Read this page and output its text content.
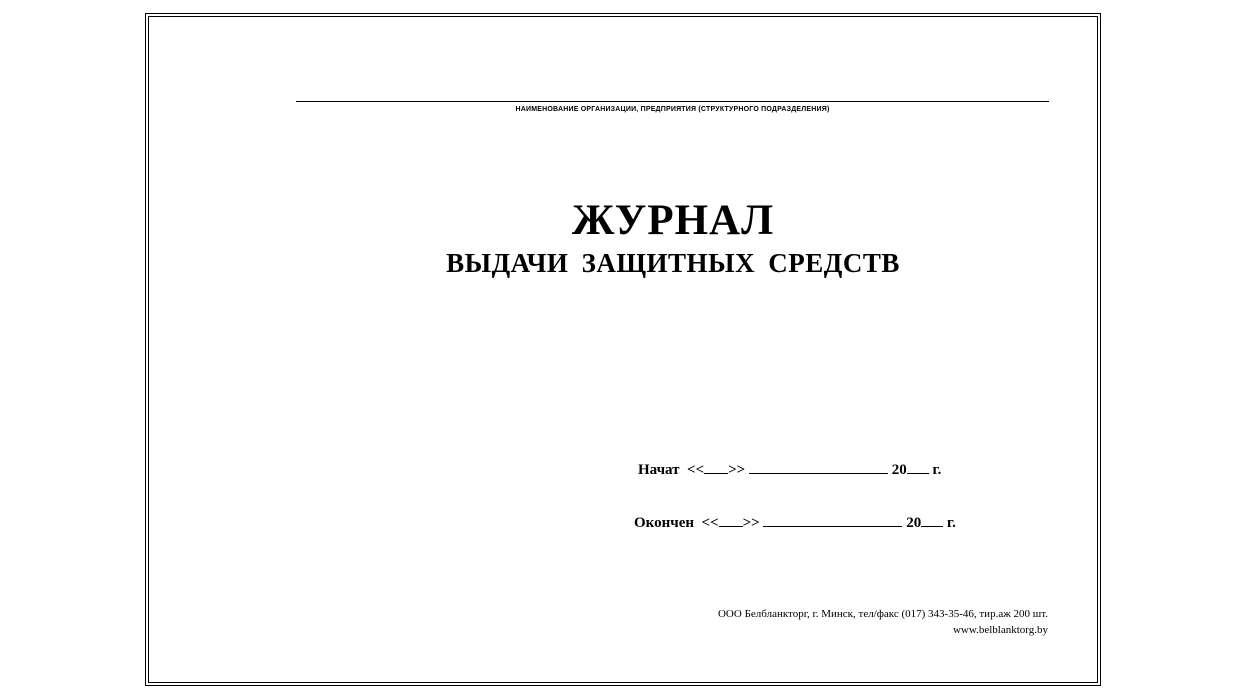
НАИМЕНОВАНИЕ ОРГАНИЗАЦИИ, ПРЕДПРИЯТИЯ (СТРУКТУРНОГО ПОДРАЗДЕЛЕНИЯ)
ЖУРНАЛ
ВЫДАЧИ ЗАЩИТНЫХ СРЕДСТВ
Начат << >>	20 г.
Окончен << >>	20 г.
ООО Белбланкторг, г. Минск, тел/факс (017) 343-35-46, тир.аж 200 шт.
www.belblanktorg.by
